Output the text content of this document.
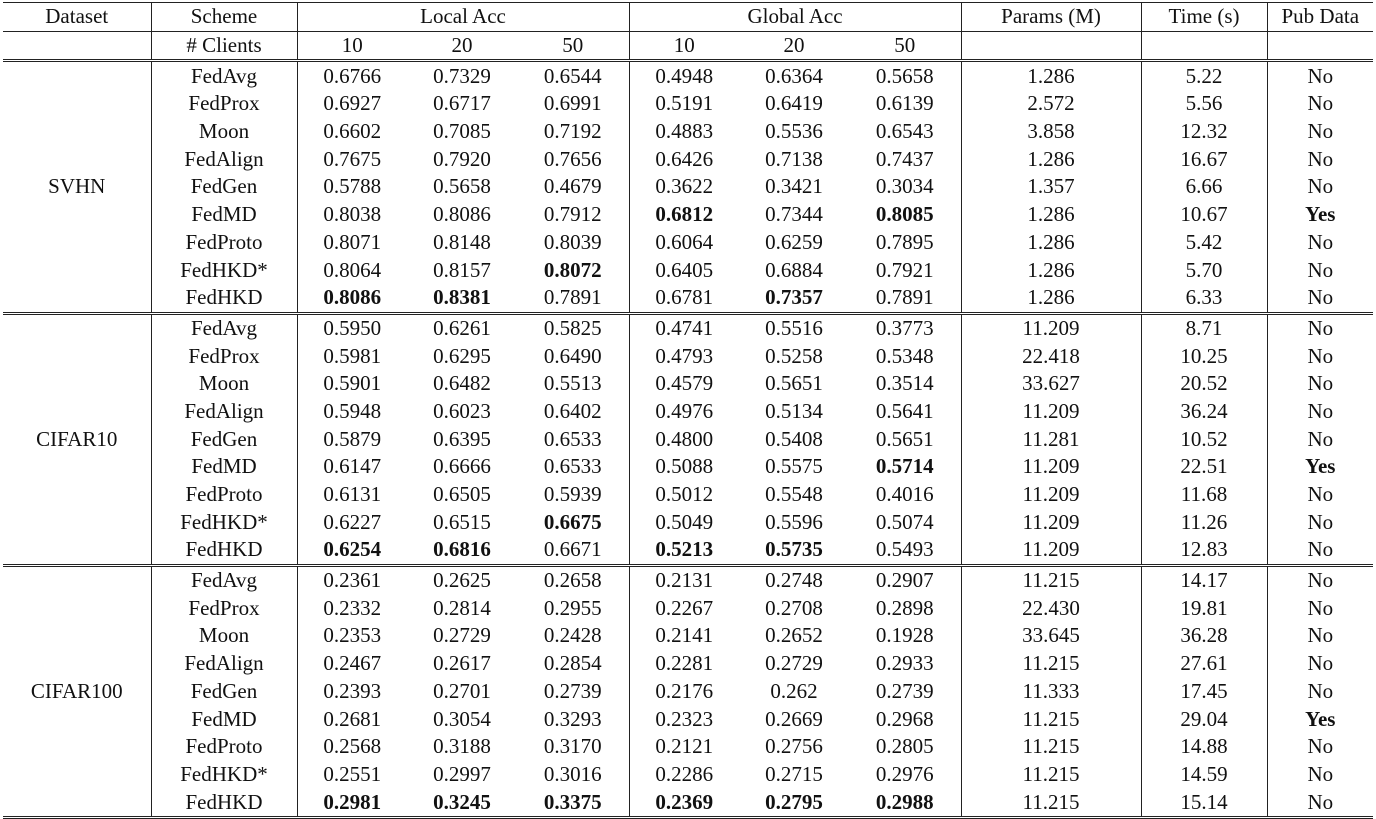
Dataset	Scheme	Local Acc			Global Acc			Params (M)	Time (s)	Pub Data
	# Clients	10	20	50	10	20	50			
SVHN	FedAvg	0.6766	0.7329	0.6544	0.4948	0.6364	0.5658	1.286	5.22	No
	FedProx	0.6927	0.6717	0.6991	0.5191	0.6419	0.6139	2.572	5.56	No
	Moon	0.6602	0.7085	0.7192	0.4883	0.5536	0.6543	3.858	12.32	No
	FedAlign	0.7675	0.7920	0.7656	0.6426	0.7138	0.7437	1.286	16.67	No
	FedGen	0.5788	0.5658	0.4679	0.3622	0.3421	0.3034	1.357	6.66	No
	FedMD	0.8038	0.8086	0.7912	0.6812	0.7344	0.8085	1.286	10.67	Yes
	FedProto	0.8071	0.8148	0.8039	0.6064	0.6259	0.7895	1.286	5.42	No
	FedHKD*	0.8064	0.8157	0.8072	0.6405	0.6884	0.7921	1.286	5.70	No
	FedHKD	0.8086	0.8381	0.7891	0.6781	0.7357	0.7891	1.286	6.33	No
CIFAR10	FedAvg	0.5950	0.6261	0.5825	0.4741	0.5516	0.3773	11.209	8.71	No
	FedProx	0.5981	0.6295	0.6490	0.4793	0.5258	0.5348	22.418	10.25	No
	Moon	0.5901	0.6482	0.5513	0.4579	0.5651	0.3514	33.627	20.52	No
	FedAlign	0.5948	0.6023	0.6402	0.4976	0.5134	0.5641	11.209	36.24	No
	FedGen	0.5879	0.6395	0.6533	0.4800	0.5408	0.5651	11.281	10.52	No
	FedMD	0.6147	0.6666	0.6533	0.5088	0.5575	0.5714	11.209	22.51	Yes
	FedProto	0.6131	0.6505	0.5939	0.5012	0.5548	0.4016	11.209	11.68	No
	FedHKD*	0.6227	0.6515	0.6675	0.5049	0.5596	0.5074	11.209	11.26	No
	FedHKD	0.6254	0.6816	0.6671	0.5213	0.5735	0.5493	11.209	12.83	No
CIFAR100	FedAvg	0.2361	0.2625	0.2658	0.2131	0.2748	0.2907	11.215	14.17	No
	FedProx	0.2332	0.2814	0.2955	0.2267	0.2708	0.2898	22.430	19.81	No
	Moon	0.2353	0.2729	0.2428	0.2141	0.2652	0.1928	33.645	36.28	No
	FedAlign	0.2467	0.2617	0.2854	0.2281	0.2729	0.2933	11.215	27.61	No
	FedGen	0.2393	0.2701	0.2739	0.2176	0.262	0.2739	11.333	17.45	No
	FedMD	0.2681	0.3054	0.3293	0.2323	0.2669	0.2968	11.215	29.04	Yes
	FedProto	0.2568	0.3188	0.3170	0.2121	0.2756	0.2805	11.215	14.88	No
	FedHKD*	0.2551	0.2997	0.3016	0.2286	0.2715	0.2976	11.215	14.59	No
	FedHKD	0.2981	0.3245	0.3375	0.2369	0.2795	0.2988	11.215	15.14	No
